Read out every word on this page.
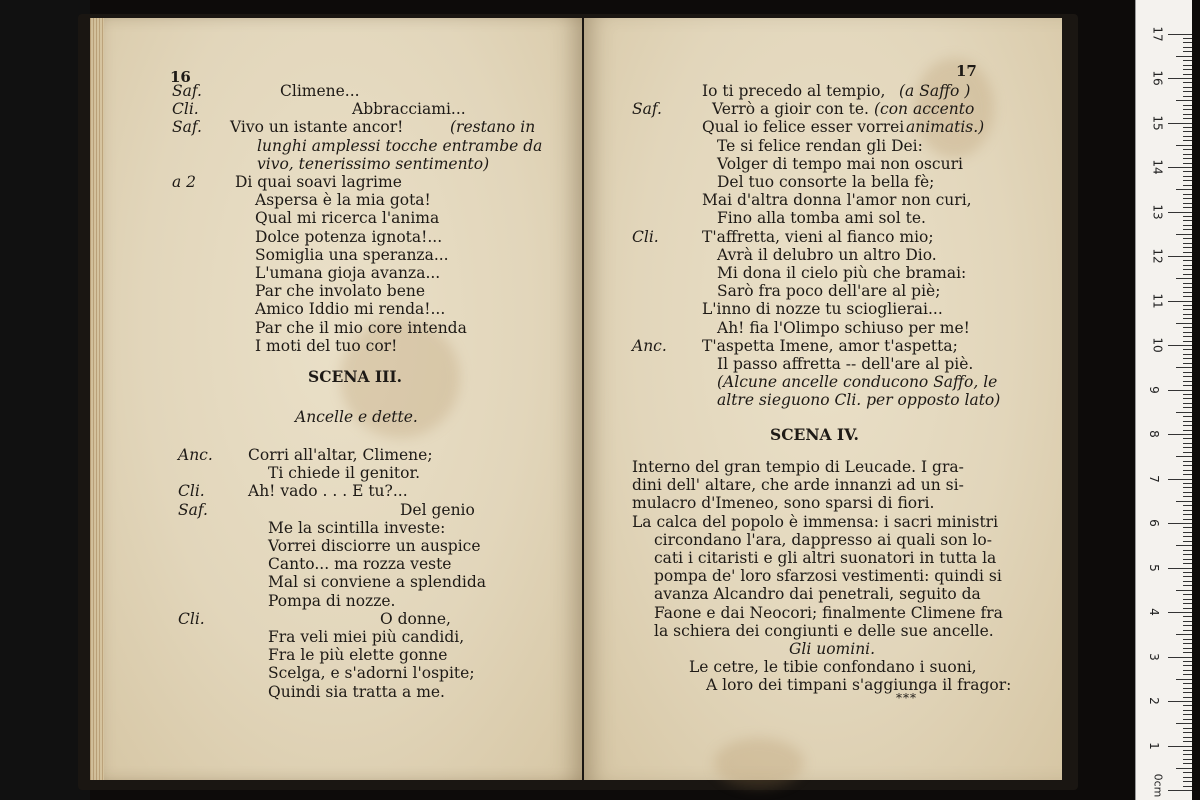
16
Saf.	Climene...
Cli.	Abbracciami...
Saf. Vivo un istante ancor!	(restano in
lunghi amplessi tocche entrambe da
vivo, tenerissimo sentimento)
a 2	Di quai soavi lagrime
Aspersa è la mia gota!
Qual mi ricerca l'anima
Dolce potenza ignota!...
Somiglia una speranza...
L'umana gioja avanza...
Par che involato bene
Amico Iddio mi renda!...
Par che il mio core intenda
I moti del tuo cor!
SCENA III.
Ancelle e dette.
Anc. Corri all'altar, Climene;
Ti chiede il genitor.
Cli.	Ah! vado . . . E tu?...
Saf.	Del genio
Me la scintilla investe:
Vorrei disciorre un auspice
Canto... ma rozza veste
Mal si conviene a splendida
Pompa di nozze.
Cli.	O donne,
Fra veli miei più candidi,
Fra le più elette gonne
Scelga, e s'adorni l'ospite;
Quindi sia tratta a me.
17
Io ti precedo al tempio, (a Saffo )
Saf.	Verrò a gioir con te. (con accento
Qual io felice esser vorrei animatis.)
Te si felice rendan gli Dei:
Volger di tempo mai non oscuri
Del tuo consorte la bella fè;
Mai d'altra donna l'amor non curi,
Fino alla tomba ami sol te.
Cli.	T'affretta, vieni al fianco mio;
Avrà il delubro un altro Dio.
Mi dona il cielo più che bramai:
Sarò fra poco dell'are al piè;
L'inno di nozze tu scioglierai...
Ah! fia l'Olimpo schiuso per me!
Anc. T'aspetta Imene, amor t'aspetta;
Il passo affretta -- dell'are al piè.
(Alcune ancelle conducono Saffo, le
altre sieguono Cli. per opposto lato)
SCENA IV.
Interno del gran tempio di Leucade. I gra-
dini dell' altare, che arde innanzi ad un si-
mulacro d'Imeneo, sono sparsi di fiori.
La calca del popolo è immensa: i sacri ministri
circondano l'ara, dappresso ai quali son lo-
cati i citaristi e gli altri suonatori in tutta la
pompa de' loro sfarzosi vestimenti: quindi si
avanza Alcandro dai penetrali, seguito da
Faone e dai Neocori; finalmente Climene fra
la schiera dei congiunti e delle sue ancelle.
Gli uomini.
Le cetre, le tibie confondano i suoni,
A loro dei timpani s'aggiunga il fragor:
***
0cm
1
2
3
4
5
6
7
8
9
10
11
12
13
14
15
16
17
